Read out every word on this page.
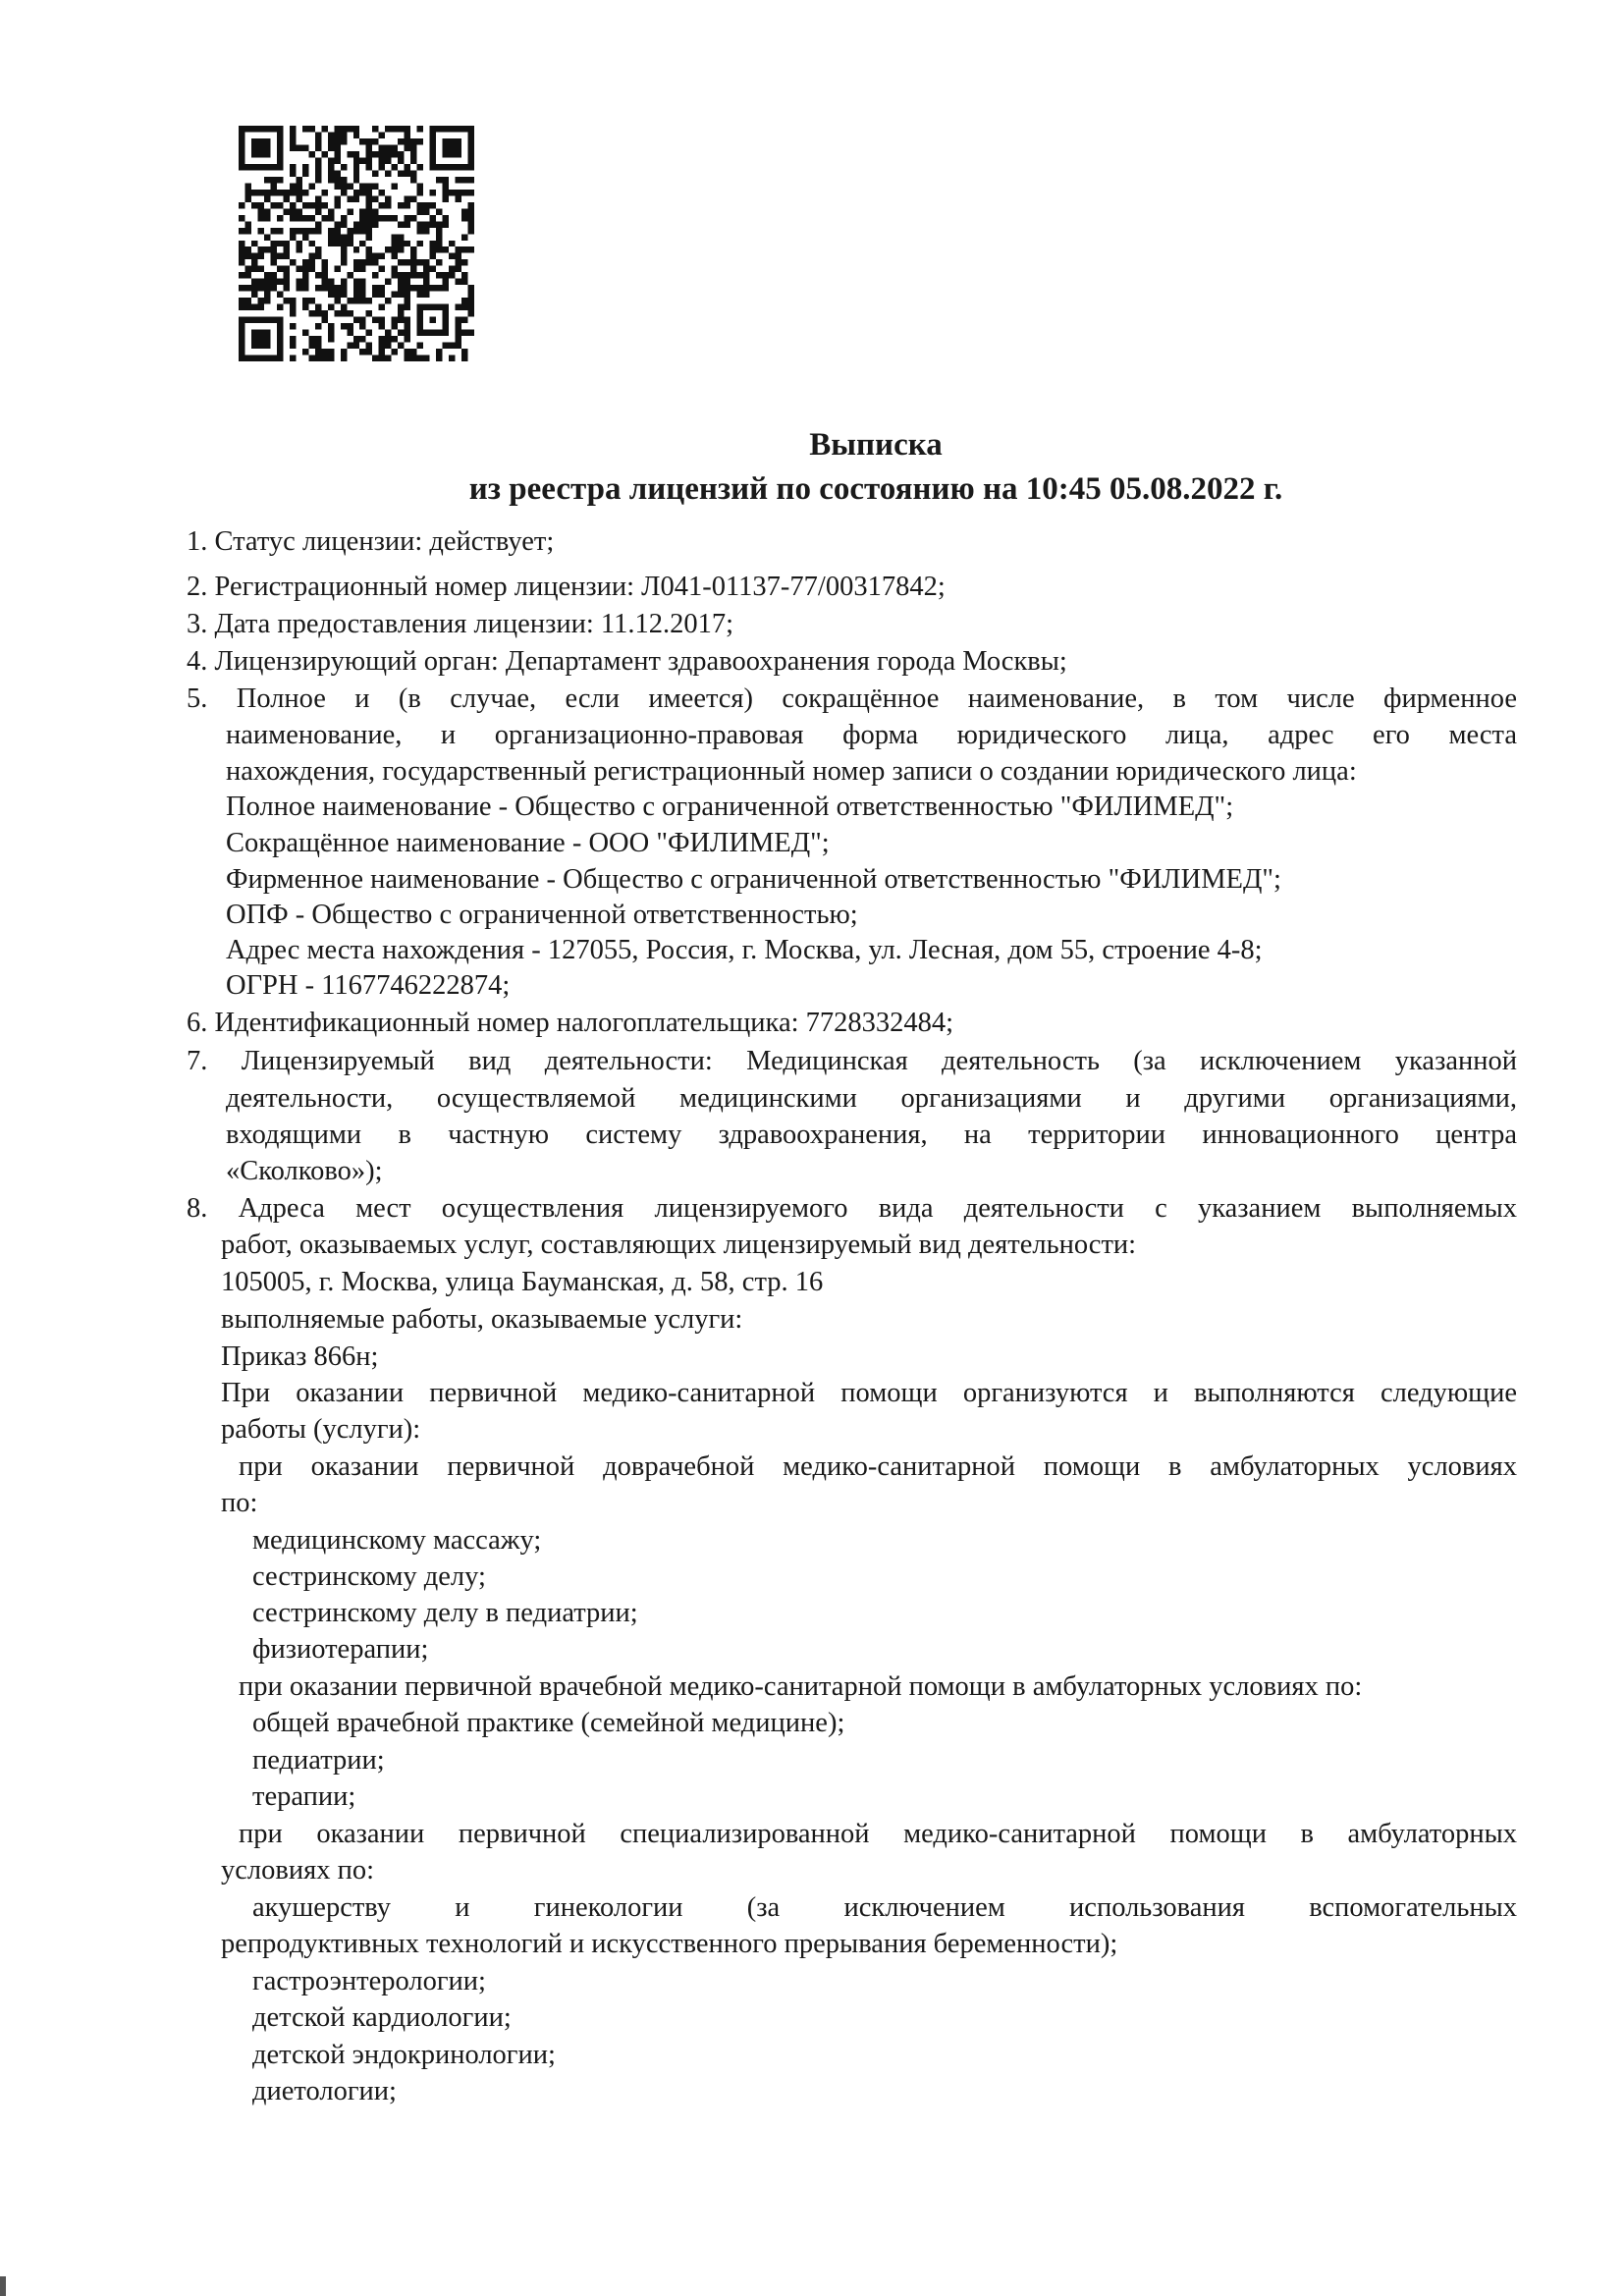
Выписка
из реестра лицензий по состоянию на 10:45 05.08.2022 г.
1. Статус лицензии: действует;
2. Регистрационный номер лицензии: Л041-01137-77/00317842;
3. Дата предоставления лицензии: 11.12.2017;
4. Лицензирующий орган: Департамент здравоохранения города Москвы;
5. Полное и (в случае, если имеется) сокращённое наименование, в том числе фирменное
наименование, и организационно-правовая форма юридического лица, адрес его места
нахождения, государственный регистрационный номер записи о создании юридического лица:
Полное наименование - Общество с ограниченной ответственностью "ФИЛИМЕД";
Сокращённое наименование - ООО "ФИЛИМЕД";
Фирменное наименование - Общество с ограниченной ответственностью "ФИЛИМЕД";
ОПФ - Общество с ограниченной ответственностью;
Адрес места нахождения - 127055, Россия, г. Москва, ул. Лесная, дом 55, строение 4-8;
ОГРН - 1167746222874;
6. Идентификационный номер налогоплательщика: 7728332484;
7. Лицензируемый вид деятельности: Медицинская деятельность (за исключением указанной
деятельности, осуществляемой медицинскими организациями и другими организациями,
входящими в частную систему здравоохранения, на территории инновационного центра
«Сколково»);
8. Адреса мест осуществления лицензируемого вида деятельности с указанием выполняемых
работ, оказываемых услуг, составляющих лицензируемый вид деятельности:
105005, г. Москва, улица Бауманская, д. 58, стр. 16
выполняемые работы, оказываемые услуги:
Приказ 866н;
При оказании первичной медико-санитарной помощи организуются и выполняются следующие
работы (услуги):
при оказании первичной доврачебной медико-санитарной помощи в амбулаторных условиях
по:
медицинскому массажу;
сестринскому делу;
сестринскому делу в педиатрии;
физиотерапии;
при оказании первичной врачебной медико-санитарной помощи в амбулаторных условиях по:
общей врачебной практике (семейной медицине);
педиатрии;
терапии;
при оказании первичной специализированной медико-санитарной помощи в амбулаторных
условиях по:
акушерству и гинекологии (за исключением использования вспомогательных
репродуктивных технологий и искусственного прерывания беременности);
гастроэнтерологии;
детской кардиологии;
детской эндокринологии;
диетологии;
